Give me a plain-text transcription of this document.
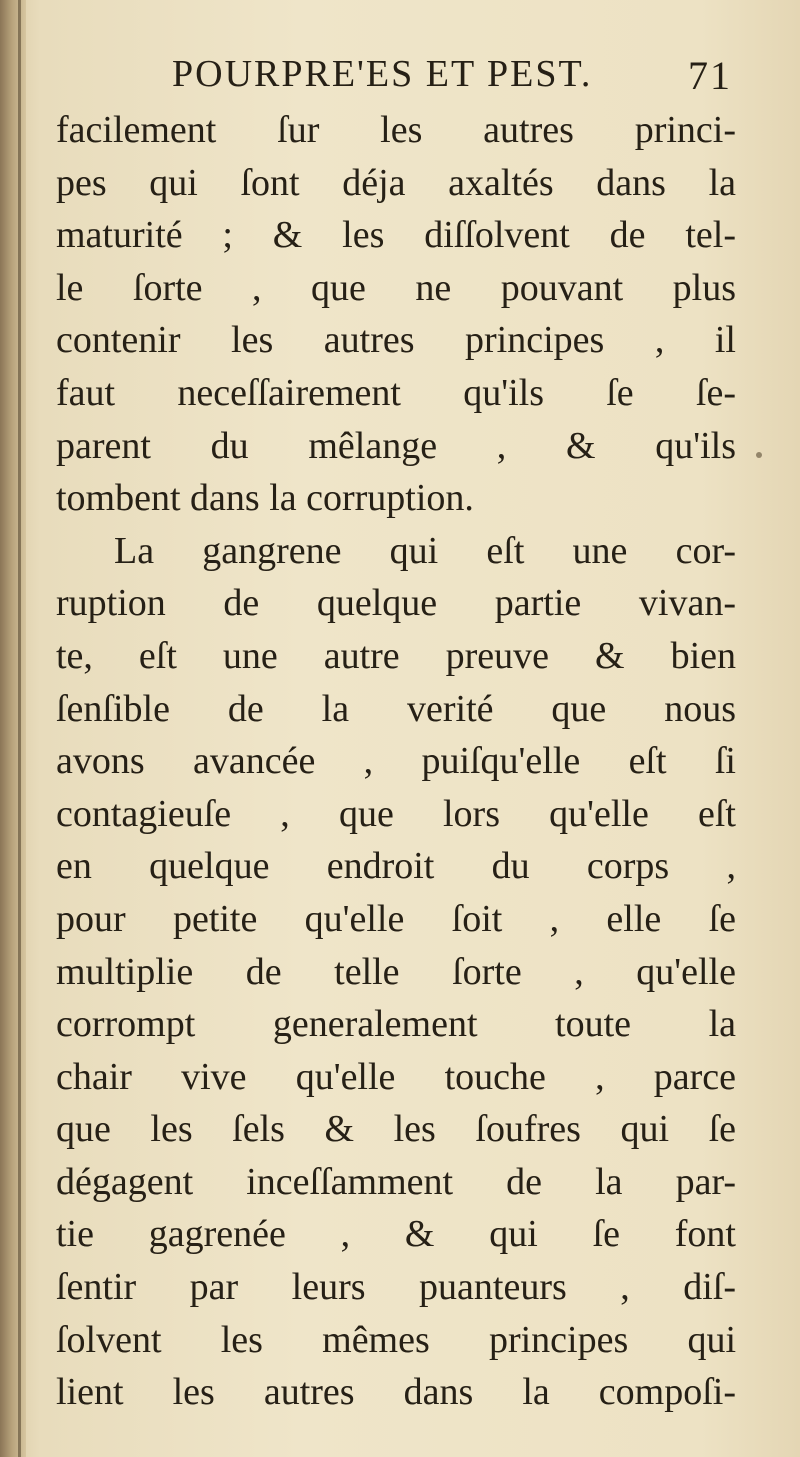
POURPRE'ES ET PEST. 71
facilement ſur les autres princi-
pes qui ſont déja axaltés dans la
maturité ; & les diſſolvent de tel-
le ſorte , que ne pouvant plus
contenir les autres principes , il
faut neceſſairement qu'ils ſe ſe-
parent du mêlange , & qu'ils
tombent dans la corruption.
La gangrene qui eſt une cor-
ruption de quelque partie vivan-
te, eſt une autre preuve & bien
ſenſible de la verité que nous
avons avancée , puiſqu'elle eſt ſi
contagieuſe , que lors qu'elle eſt
en quelque endroit du corps ,
pour petite qu'elle ſoit , elle ſe
multiplie de telle ſorte , qu'elle
corrompt generalement toute la
chair vive qu'elle touche , parce
que les ſels & les ſoufres qui ſe
dégagent inceſſamment de la par-
tie gagrenée , & qui ſe font
ſentir par leurs puanteurs , diſ-
ſolvent les mêmes principes qui
lient les autres dans la compoſi-
